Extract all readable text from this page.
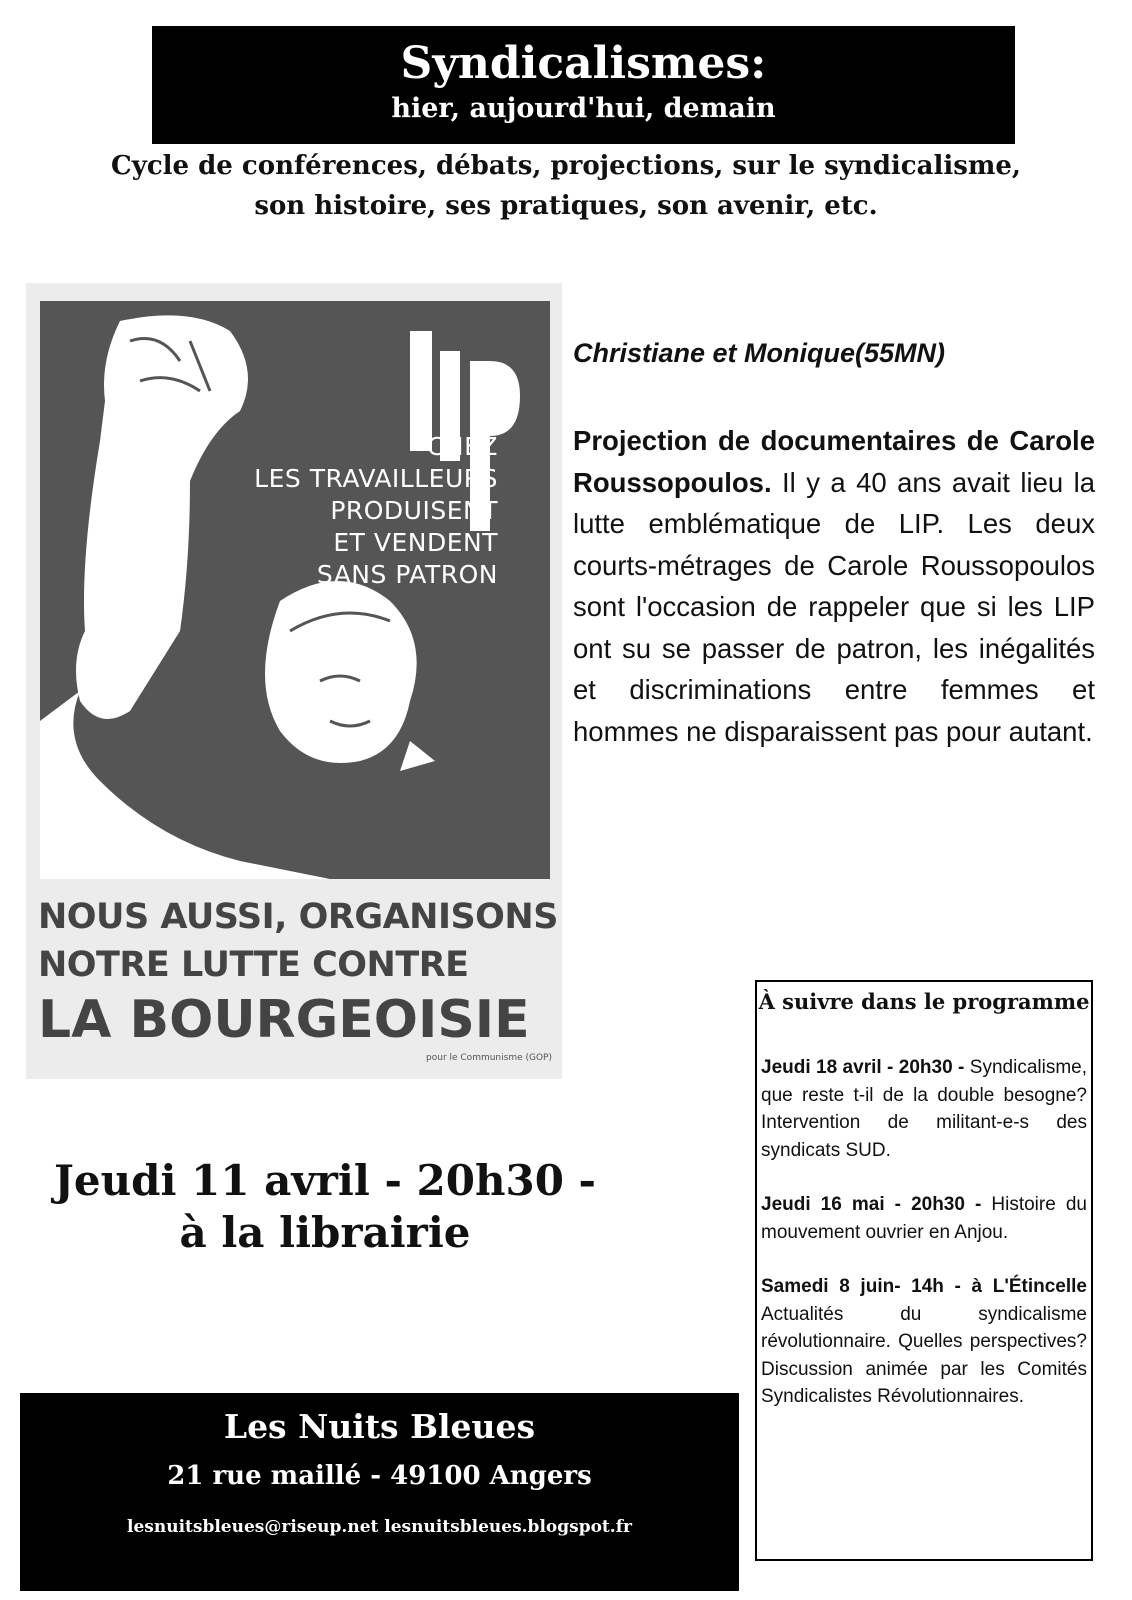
Syndicalismes:
hier, aujourd'hui, demain
Cycle de conférences, débats, projections, sur le syndicalisme,
son histoire, ses pratiques, son avenir, etc.
CHEZ
LES TRAVAILLEURS
PRODUISENT
ET VENDENT
SANS PATRON
NOUS AUSSI, ORGANISONS
NOTRE LUTTE CONTRE
LA BOURGEOISIE
pour le Communisme (GOP)
Christiane et Monique(55MN)
Projection de documentaires de Carole Roussopoulos. Il y a 40 ans avait lieu la lutte emblématique de LIP. Les deux courts-métrages de Carole Roussopoulos sont l'occasion de rappeler que si les LIP ont su se passer de patron, les inégalités et discriminations entre femmes et hommes ne disparaissent pas pour autant.
Jeudi 11 avril - 20h30 -
à la librairie
Les Nuits Bleues
21 rue maillé - 49100 Angers
lesnuitsbleues@riseup.net lesnuitsbleues.blogspot.fr
À suivre dans le programme
Jeudi 18 avril - 20h30 - Syndicalisme, que reste t-il de la double besogne? Intervention de militant-e-s des syndicats SUD.
Jeudi 16 mai - 20h30 - Histoire du mouvement ouvrier en Anjou.
Samedi 8 juin- 14h - à L'Étincelle Actualités du syndicalisme révolutionnaire. Quelles perspectives? Discussion animée par les Comités Syndicalistes Révolutionnaires.
